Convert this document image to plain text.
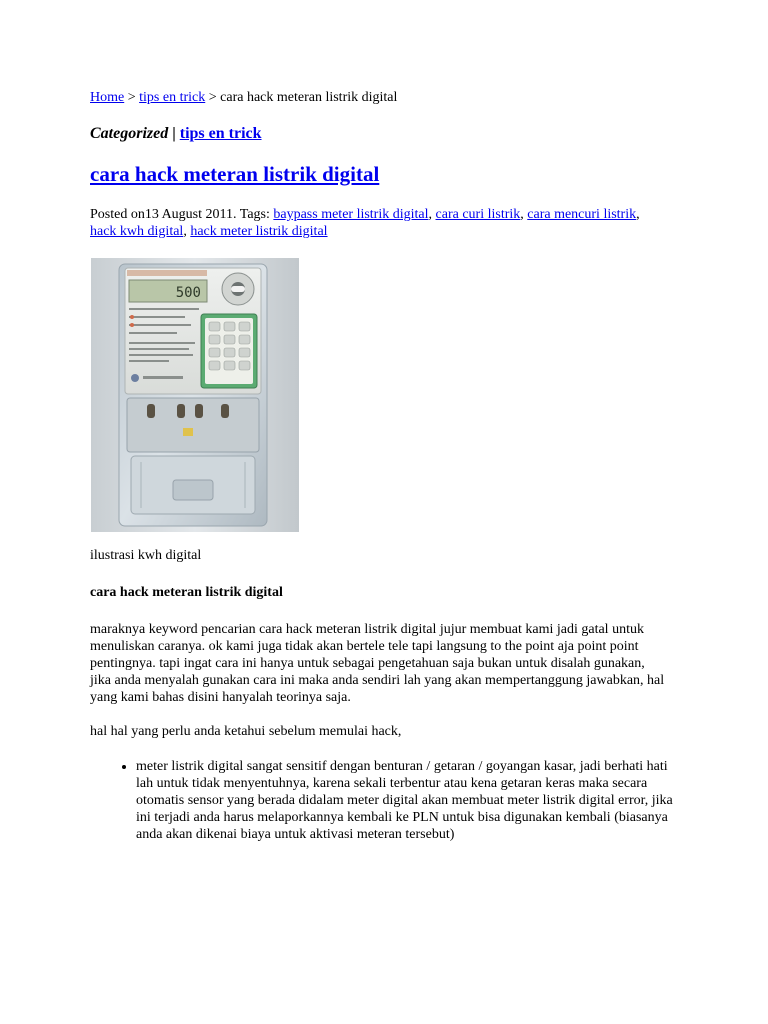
Home > tips en trick > cara hack meteran listrik digital
Categorized | tips en trick
cara hack meteran listrik digital
Posted on13 August 2011. Tags: baypass meter listrik digital, cara curi listrik, cara mencuri listrik, hack kwh digital, hack meter listrik digital
500
ilustrasi kwh digital
cara hack meteran listrik digital

maraknya keyword pencarian cara hack meteran listrik digital jujur membuat kami jadi gatal untuk menuliskan caranya. ok kami juga tidak akan bertele tele tapi langsung to the point aja point point pentingnya. tapi ingat cara ini hanya untuk sebagai pengetahuan saja bukan untuk disalah gunakan, jika anda menyalah gunakan cara ini maka anda sendiri lah yang akan mempertanggung jawabkan, hal yang kami bahas disini hanyalah teorinya saja.

hal hal yang perlu anda ketahui sebelum memulai hack,

• meter listrik digital sangat sensitif dengan benturan / getaran / goyangan kasar, jadi berhati hati lah untuk tidak menyentuhnya, karena sekali terbentur atau kena getaran keras maka secara otomatis sensor yang berada didalam meter digital akan membuat meter listrik digital error, jika ini terjadi anda harus melaporkannya kembali ke PLN untuk bisa digunakan kembali (biasanya anda akan dikenai biaya untuk aktivasi meteran tersebut)
